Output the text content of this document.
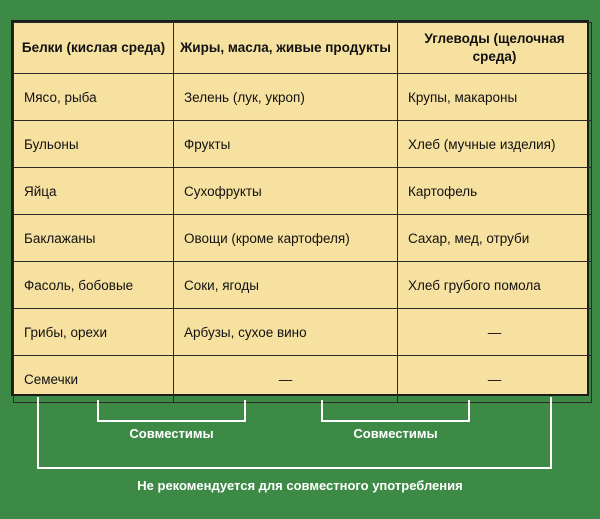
Белки (кислая среда)	Жиры, масла, живые продукты	Углеводы (щелочная среда)
Мясо, рыба	Зелень (лук, укроп)	Крупы, макароны
Бульоны	Фрукты	Хлеб (мучные изделия)
Яйца	Сухофрукты	Картофель
Баклажаны	Овощи (кроме картофеля)	Сахар, мед, отруби
Фасоль, бобовые	Соки, ягоды	Хлеб грубого помола
Грибы, орехи	Арбузы, сухое вино	—
Семечки	—	—
Не рекомендуется для совместного употребления
Совместимы	Совместимы
